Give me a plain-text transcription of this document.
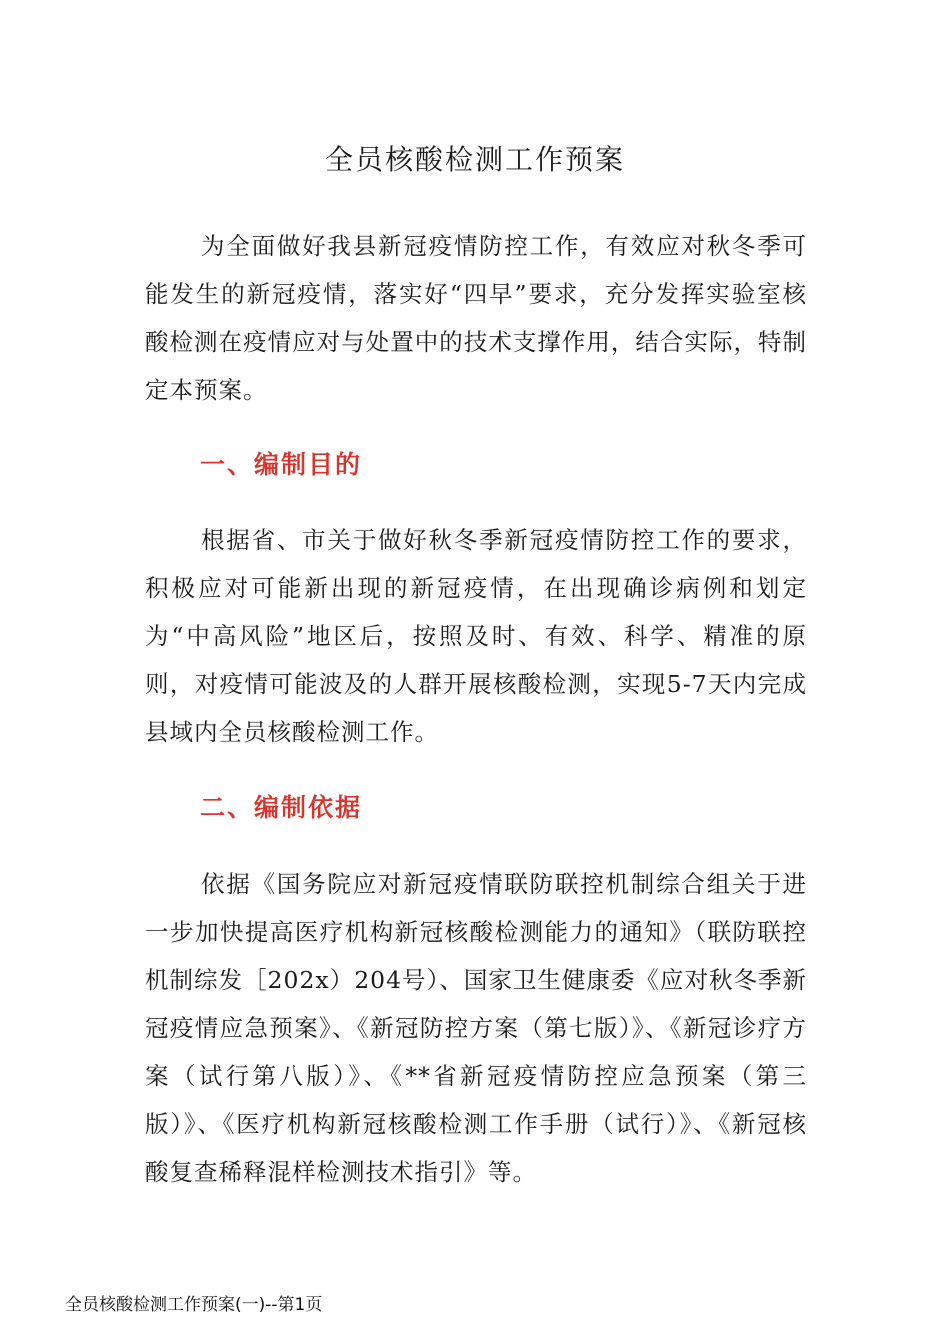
全员核酸检测工作预案

为全面做好我县新冠疫情防控工作，有效应对秋冬季可能发生的新冠疫情，落实好“四早”要求，充分发挥实验室核酸检测在疫情应对与处置中的技术支撑作用，结合实际，特制定本预案。

一、编制目的

根据省、市关于做好秋冬季新冠疫情防控工作的要求，积极应对可能新出现的新冠疫情，在出现确诊病例和划定为“中高风险”地区后，按照及时、有效、科学、精准的原则，对疫情可能波及的人群开展核酸检测，实现5-7天内完成县域内全员核酸检测工作。

二、编制依据

依据《国务院应对新冠疫情联防联控机制综合组关于进一步加快提高医疗机构新冠核酸检测能力的通知》（联防联控机制综发［202x）204号）、国家卫生健康委《应对秋冬季新冠疫情应急预案》、《新冠防控方案（第七版）》、《新冠诊疗方案（试行第八版）》、《**省新冠疫情防控应急预案（第三版）》、《医疗机构新冠核酸检测工作手册（试行）》、《新冠核酸复查稀释混样检测技术指引》等。

全员核酸检测工作预案(一)--第1页
